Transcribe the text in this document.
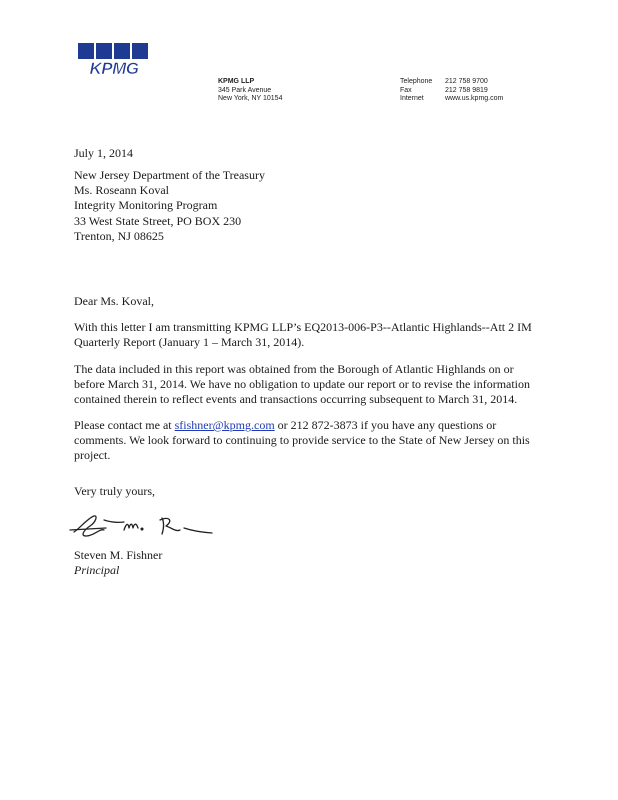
KPMG
KPMG LLP
345 Park Avenue
New York, NY 10154
Telephone
Fax
Internet
212 758 9700
212 758 9819
www.us.kpmg.com
July 1, 2014
New Jersey Department of the Treasury
Ms. Roseann Koval
Integrity Monitoring Program
33 West State Street, PO BOX 230
Trenton, NJ 08625
Dear Ms. Koval,
With this letter I am transmitting KPMG LLP’s EQ2013-006-P3--Atlantic Highlands--Att 2 IM
Quarterly Report (January 1 – March 31, 2014).
The data included in this report was obtained from the Borough of Atlantic Highlands on or
before March 31, 2014. We have no obligation to update our report or to revise the information
contained therein to reflect events and transactions occurring subsequent to March 31, 2014.
Please contact me at sfishner@kpmg.com or 212 872-3873 if you have any questions or
comments. We look forward to continuing to provide service to the State of New Jersey on this
project.
Very truly yours,
Steven M. Fishner
Principal
